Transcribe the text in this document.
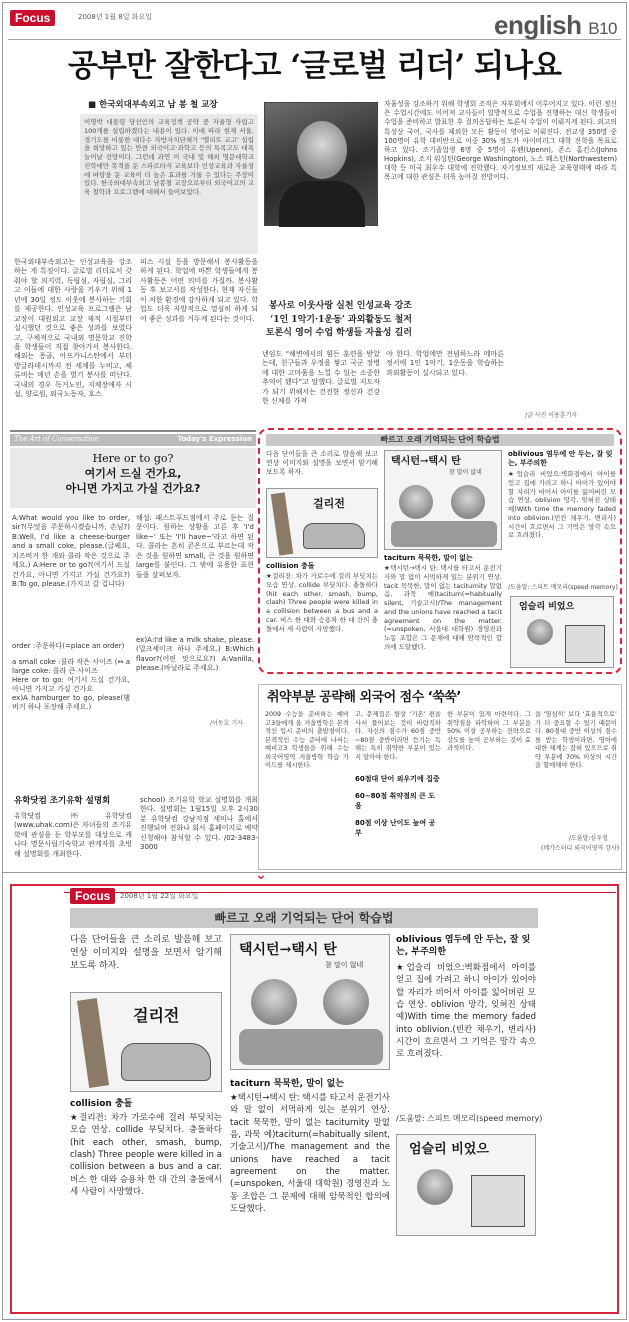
Focus	2008년 1월 8일 화요일	english B10
공부만 잘한다고 ‘글로벌 리더’ 되나요
■ 한국외대부속외고 남 봉 철 교장
이명박 대통령 당선인의 교육정책 공약 중 자율형 사립고 100개를 설립하겠다는 내용이 있다. 이에 따라 현재 서울, 경기도를 비롯한 대다수 자방자치단체가 ‘엘리트 교고’ 설립을 희망하고 있는 만큼 외국어고·과학고 등의 특목고도 대폭 늘어날 전망이다. 그런데 과연 이 국내 및 해외 명문대학교 진학에만 목적을 둔 스파르타식 교육보다 인성교육과 자율성에 바탕을 둔 교육이 더 높은 효과를 거둘 수 있다는 주장이 있다. 한국외대부속외고 남봉철 교장으로부터 외국어고의 교육 철학과 프로그램에 대해서 들어보았다.
자율성을 강조하기 위해 학생회 조직은 자부회에서 이루어지고 있다. 이런 정신은 수업시간에도 이어져 교사들이 일방적으로 수업을 진행하는 대신 학생들이 수업을 준비하고 발표한 후 질의응답하는 토론식 수업이 이뤄지게 된다. 외고의 특성상 국어, 국사를 제외한 모든 활동이 영어로 이뤄진다. 전교생 350명 중 100명이 유학 대비반으로 이중 30% 정도가 아이비리그 대학 진학을 목표로 하고 있다. 조기졸업생 6명 중 5명이 유펜(Upenn), 존스 홉킨스(Johns Hopkins), 조지 워싱턴(George Washington), 노스 웨스턴(Northwestern) 대학 등 미국 최우수 대학에 진학했다. 자기정보의 새로운 교육형태에 따라 특목고에 대한 관심은 더욱 높아질 전망이다.
한국외대부속외고는 인성교육을 강조하는 게 특징이다. 글로벌 리더로서 갖춰야 할 의지력, 독립심, 자립심, 그리고 이들에 대한 사랑을 키우기 위해 1년에 30일 정도 이웃에 봉사하는 기회를 제공한다. 인성교육 프로그램은 남 교장이 대원외고 교장 재직 시절부터 실시했던 것으로 좋은 성과를 보였다고, 구체적으로 국내외 명문학교 진학을 학생들이 직접 찾아가서 봉사한다. 해외는 몽골, 아프가니스탄에서 부터 방글라데시까지 전 세계를 누비고, 체류비는 매년 손을 벌기 봉사를 떠난다. 국내의 경우 독거노인, 지체장애자 시설, 양로원, 외국노동자, 호스
피스 시설 등을 방문해서 봉사활동을 하게 된다. 학업에 바쁜 학생들에게 봉사활동은 어떤 의미를 가질까. 봉사활동 후 보고서를 작성한다. 현재 자신들이 처한 환경에 감사하게 되고 있다. 학업도 더욱 자발적으로 열심히 하게 되어 좋은 성과를 거두게 된다는 것이다.
봉사로 이웃사랑 실천 인성교육 강조
‘1인 1악기·1운동’ 과외활동도 철저
토론식 영어 수업 학생들 자율성 길러
넨임도 “해변에서의 힘든 훈련을 받았는데, 친구들과 우정을 쌓고 국군 장병에 대한 고마움을 느낄 수 있는 소중한 추억이 됐다”고 말했다. 글로벌 지도자가 되기 위해서는 건전한 정신과 건강한 신체를 가져
야 한다. 학업에만 전념하느라 메마른 정서에 1인 1악기, 1운동을 학습하는 과외활동이 실시되고 있다.
/글·사진 이용훈기자
The Art of Conversation	Today's Expression
Here or to go?
여기서 드실 건가요,
아니면 가지고 가실 건가요?
A:What would you like to order, sir?(무엇을 주문하시겠습니까, 손님?) B:Well, I'd like a cheese-burger and a small coke, please.(글쎄요, 치즈버거 한 개와 콜라 작은 것으로 주세요.) A:Here or to go?(여기서 드실 건가요, 아니면 가지고 가실 건가요?) B:To go, please.(가지고 갈 겁니다)
order :주문하다(=place an order)
a small coke :콜라 작은 사이즈 (↔ a large coke: 콜라 큰 사이즈
Here or to go: 여기서 드실 건가요, 아니면 가지고 가실 건가요
ex)A hamburger to go, please(햄버거 하나 포장해 주세요.)
해설: 패스트푸드점에서 주로 듣는 질문이다. 원하는 상황을 고른 후 'I'd like~' 또는 'I'll have~'라고 하면 된다. 콜라는 흔히 콘은으로 부르는데 작은 것을 원하면 small, 큰 것을 원하면 large를 붙인다. 그 밖에 유용한 표현들을 살펴보자.
ex)A:I'd like a milk shake, please.(밀크셰이크 하나 주세요.) B:Which flavor?(어떤 맛으로요?) A:Vanilla, please.(바닐라로 주세요.)
/이동호 기자
유학닷컴 조기유학 설명회
유학닷컴 ㈜유학닷컴(www.uhak.com)은 자녀들의 조기유학에 관심을 둔 학부모를 대상으로 캐나다 명문사립기숙학교 관계자를 초빙해 설명회를 개최한다.
school) 조기유학 학교 설명회를 개최한다. 설명회는 1월15일 오후 2시30분 유학닷컴 강남지점 세미나 홀에서 진행되며 전화나 회사 홈페이지로 예약 신청해야 참석할 수 있다. /02-3483-3000
빠르고 오래 기억되는 단어 학습법
다음 단어들을 큰 소리로 발음해 보고 연상 이미지와 설명을 보면서 암기해 보도록 하자.
걸리전
collision 충돌
★걸리전: 차가 가로수에 걸려 부딪치는 모습 연상. collide 부딪치다. 충돌하다(hit each other, smash, bump, clash) Three people were killed in a collision between a bus and a car. 버스 한 대와 승용차 한 대 간의 충돌에서 세 사람이 사망했다.
택시턴→택시 탄
참 말이 없네
taciturn 묵묵한, 말이 없는
★택시턴→택시 탄: 택시를 타고서 운전기사와 말 없이 서먹하게 있는 분위기 연상. tacit 묵묵한, 말이 없는 taciturnity 말없음, 과묵 예)taciturn(=habitually silent, 기술고시)/The management and the unions have reached a tacit agreement on the matter.(=unspoken, 서울대 대학원) 경영진과 노동 조합은 그 문제에 대해 암묵적인 합의에 도달했다.
oblivious 염두에 안 두는, 잘 잊는, 부주의한
★업슬리 비었으:벽화점에서 아이를 얻고 집에 가려고 하니 아이가 있어야 할 자리가 비어서 아이를 잃어버린 모습 연상. oblivion 망각, 잊혀진 상태 예)With time the memory faded into oblivion.(빈칸 채우기, 변리사) 시간이 흐르면서 그 기억은 망각 속으로 흐려졌다.
/도움말: 스피트 메모리(speed memory)
엄슬리 비었으
취약부분 공략해 외국어 점수 ‘쑥쑥’
2009 수능을 준비하는 예비 고3들에게 올 겨울방학은 본격적인 입시 준비의 출발점이다. 본격적인 수능 준비에 나서는 예비고3 학생들을 위해 수능 외국어영역 겨울방학 학습 가이드를 제시한다.
고, 문제집은 항상 ‘기본’ 편을 사서 풀어보는 것이 바람직하다. 자신의 점수가 60점 중반~80점 중반이라면 듣기는 독해는 특히 취약한 부분이 있는지 알아야 한다.
60점대 단어 외우기에 집중
60~80점 취약점의 큰 도움
80점 이상 난이도 높여 공부
한 부분이 있게 마련이다. 그 취약점을 파악하여 그 부분을 50% 이상 공부하는 전략으로 강도를 높여 공부하는 것이 효과적이다.
을 ‘열심히’ 보다 ‘효율적으로’ 가 더 중요할 수 있기 때문이다. 80점대 중반 이상의 점수를 받는 학생이라면, 영어에 대한 체계는 잡혀 있으므로 취약 부분에 70% 이상의 시간을 할애해야 한다.
/도움말:심우철
(메가스터디 외국어영역 강사)
⌄
Focus	2008년 1월 22일 화요일
빠르고 오래 기억되는 단어 학습법
다음 단어들을 큰 소리로 발음해 보고 연상 이미지와 설명을 보면서 암기해 보도록 하자.
걸리전
collision 충돌
★걸리전: 차가 가로수에 걸려 부딪치는 모습 연상. collide 부딪치다. 충돌하다(hit each other, smash, bump, clash) Three people were killed in a collision between a bus and a car. 버스 한 대와 승용차 한 대 간의 충돌에서 세 사람이 사망했다.
택시턴→택시 탄
참 말이 없네
taciturn 묵묵한, 말이 없는
★택시턴→택시 탄: 택시를 타고서 운전기사와 말 없이 서먹하게 있는 분위기 연상. tacit 묵묵한, 말이 없는 taciturnity 말없음, 과묵 예)taciturn(=habitually silent, 기술고시)/The management and the unions have reached a tacit agreement on the matter.(=unspoken, 서울대 대학원) 경영진과 노동 조합은 그 문제에 대해 암묵적인 합의에 도달했다.
oblivious 염두에 안 두는, 잘 잊는, 부주의한
★업슬리 비었으:벽화점에서 아이를 얻고 집에 가려고 하니 아이가 있어야 할 자리가 비어서 아이를 잃어버린 모습 연상. oblivion 망각, 잊혀진 상태 예)With time the memory faded into oblivion.(빈칸 채우기, 변리사) 시간이 흐르면서 그 기억은 망각 속으로 흐려졌다.
/도움말: 스피트 메모리(speed memory)
엄슬리 비었으
